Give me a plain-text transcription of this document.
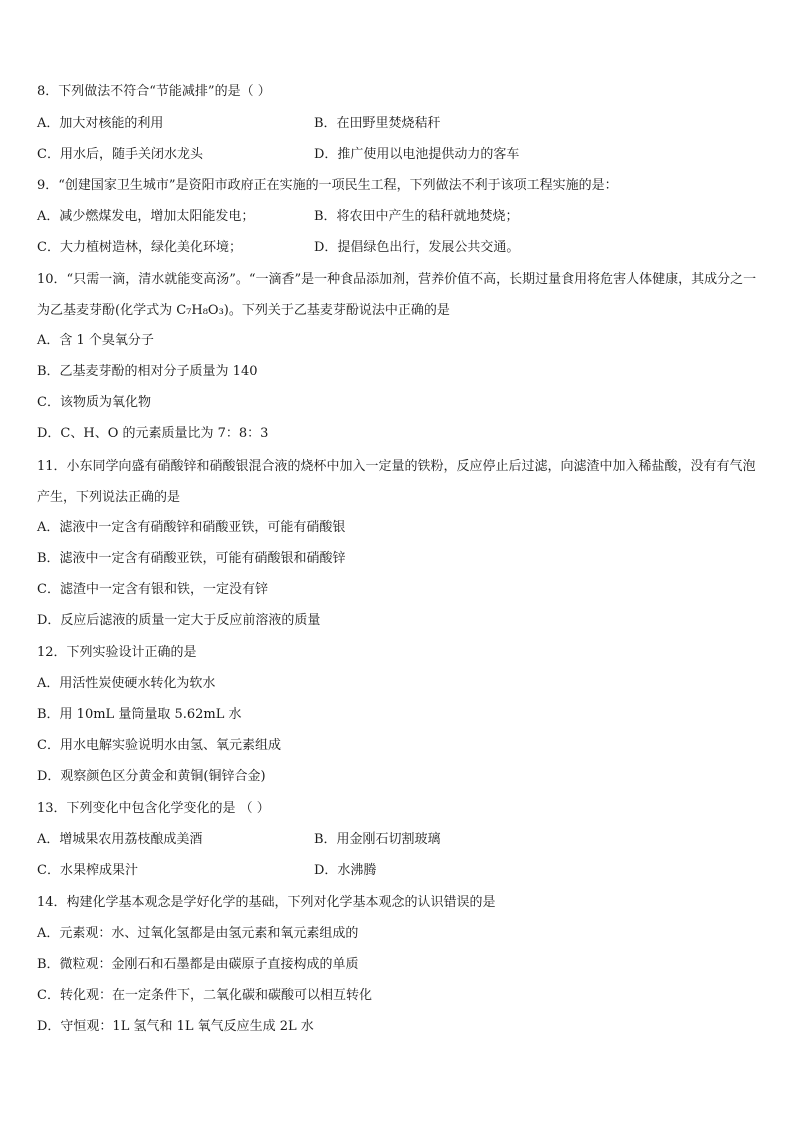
8．下列做法不符合“节能减排”的是（ ）
A．加大对核能的利用	B．在田野里焚烧秸秆
C．用水后，随手关闭水龙头	D．推广使用以电池提供动力的客车
9．“创建国家卫生城市”是资阳市政府正在实施的一项民生工程，下列做法不利于该项工程实施的是：
A．减少燃煤发电，增加太阳能发电；	B．将农田中产生的秸秆就地焚烧；
C．大力植树造林，绿化美化环境；	D．提倡绿色出行，发展公共交通。
10．“只需一滴，清水就能变高汤”。“一滴香”是一种食品添加剂，营养价值不高，长期过量食用将危害人体健康，其成分之一为乙基麦芽酚(化学式为 C₇H₈O₃)。下列关于乙基麦芽酚说法中正确的是
A．含 1 个臭氧分子
B．乙基麦芽酚的相对分子质量为 140
C．该物质为氧化物
D．C、H、O 的元素质量比为 7：8：3
11．小东同学向盛有硝酸锌和硝酸银混合液的烧杯中加入一定量的铁粉，反应停止后过滤，向滤渣中加入稀盐酸，没有有气泡产生，下列说法正确的是
A．滤液中一定含有硝酸锌和硝酸亚铁，可能有硝酸银
B．滤液中一定含有硝酸亚铁，可能有硝酸银和硝酸锌
C．滤渣中一定含有银和铁，一定没有锌
D．反应后滤液的质量一定大于反应前溶液的质量
12．下列实验设计正确的是
A．用活性炭使硬水转化为软水
B．用 10mL 量筒量取 5.62mL 水
C．用水电解实验说明水由氢、氧元素组成
D．观察颜色区分黄金和黄铜(铜锌合金)
13．下列变化中包含化学变化的是 （ ）
A．增城果农用荔枝酿成美酒	B．用金刚石切割玻璃
C．水果榨成果汁	D．水沸腾
14．构建化学基本观念是学好化学的基础，下列对化学基本观念的认识错误的是
A．元素观：水、过氧化氢都是由氢元素和氧元素组成的
B．微粒观：金刚石和石墨都是由碳原子直接构成的单质
C．转化观：在一定条件下，二氧化碳和碳酸可以相互转化
D．守恒观：1L 氢气和 1L 氧气反应生成 2L 水
